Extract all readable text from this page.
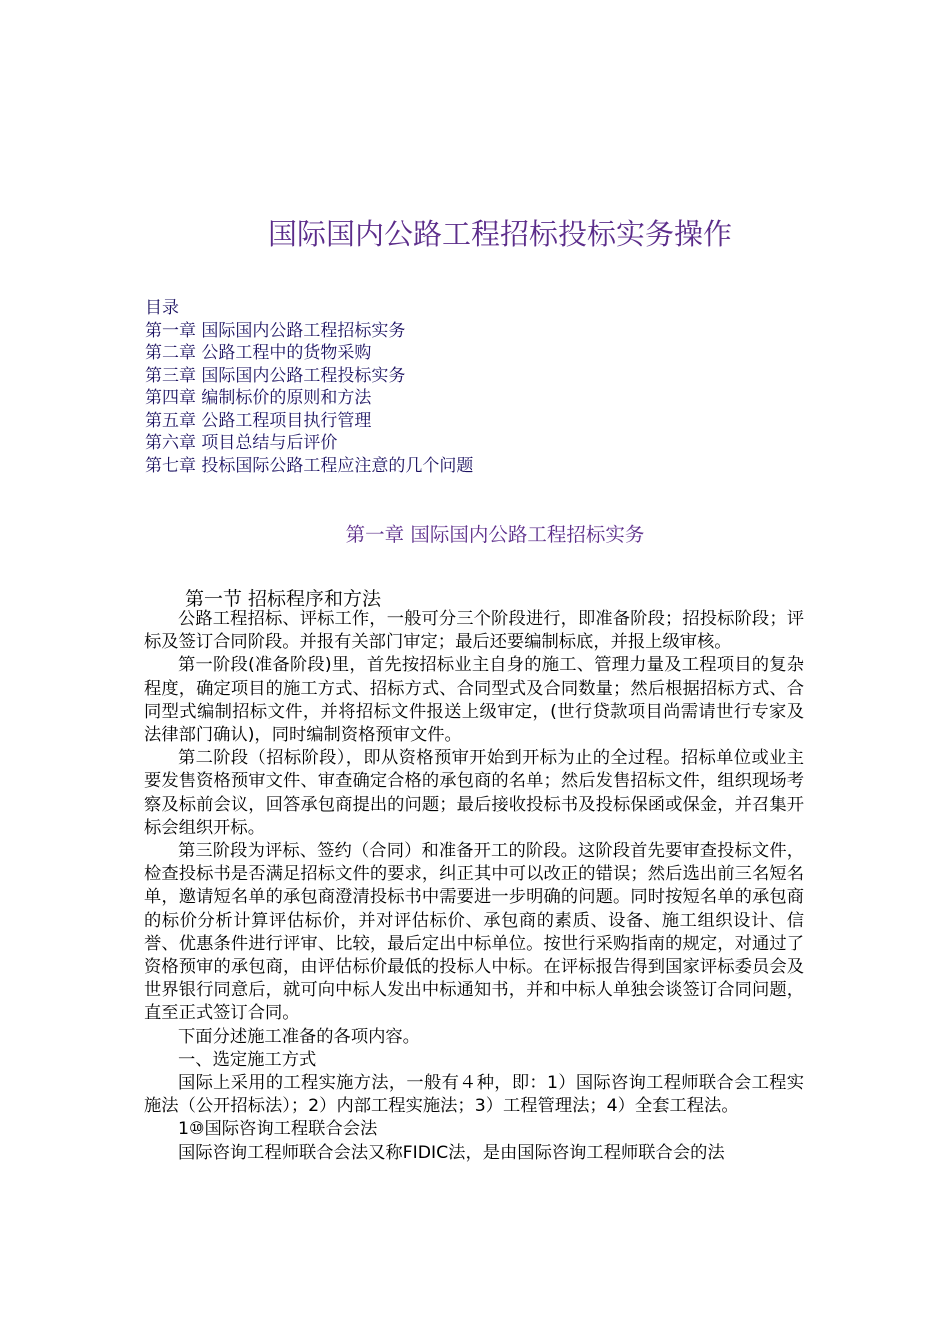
国际国内公路工程招标投标实务操作
目录
第一章 国际国内公路工程招标实务
第二章 公路工程中的货物采购
第三章 国际国内公路工程投标实务
第四章 编制标价的原则和方法
第五章 公路工程项目执行管理
第六章 项目总结与后评价
第七章 投标国际公路工程应注意的几个问题
第一章 国际国内公路工程招标实务
第一节 招标程序和方法

公路工程招标、评标工作，一般可分三个阶段进行，即准备阶段；招投标阶段；评标及签订合同阶段。并报有关部门审定；最后还要编制标底，并报上级审核。

第一阶段(准备阶段)里，首先按招标业主自身的施工、管理力量及工程项目的复杂程度，确定项目的施工方式、招标方式、合同型式及合同数量；然后根据招标方式、合同型式编制招标文件，并将招标文件报送上级审定，(世行贷款项目尚需请世行专家及法律部门确认)，同时编制资格预审文件。

第二阶段（招标阶段），即从资格预审开始到开标为止的全过程。招标单位或业主要发售资格预审文件、审查确定合格的承包商的名单；然后发售招标文件，组织现场考察及标前会议，回答承包商提出的问题；最后接收投标书及投标保函或保金，并召集开标会组织开标。

第三阶段为评标、签约（合同）和准备开工的阶段。这阶段首先要审查投标文件，检查投标书是否满足招标文件的要求，纠正其中可以改正的错误；然后选出前三名短名单，邀请短名单的承包商澄清投标书中需要进一步明确的问题。同时按短名单的承包商的标价分析计算评估标价，并对评估标价、承包商的素质、设备、施工组织设计、信誉、优惠条件进行评审、比较，最后定出中标单位。按世行采购指南的规定，对通过了资格预审的承包商，由评估标价最低的投标人中标。在评标报告得到国家评标委员会及世界银行同意后，就可向中标人发出中标通知书，并和中标人单独会谈签订合同问题，直至正式签订合同。

下面分述施工准备的各项内容。

一、选定施工方式

国际上采用的工程实施方法，一般有４种，即：1）国际咨询工程师联合会工程实施法（公开招标法）；2）内部工程实施法；3）工程管理法；4）全套工程法。

1⑩国际咨询工程联合会法

国际咨询工程师联合会法又称FIDIC法，是由国际咨询工程师联合会的法
